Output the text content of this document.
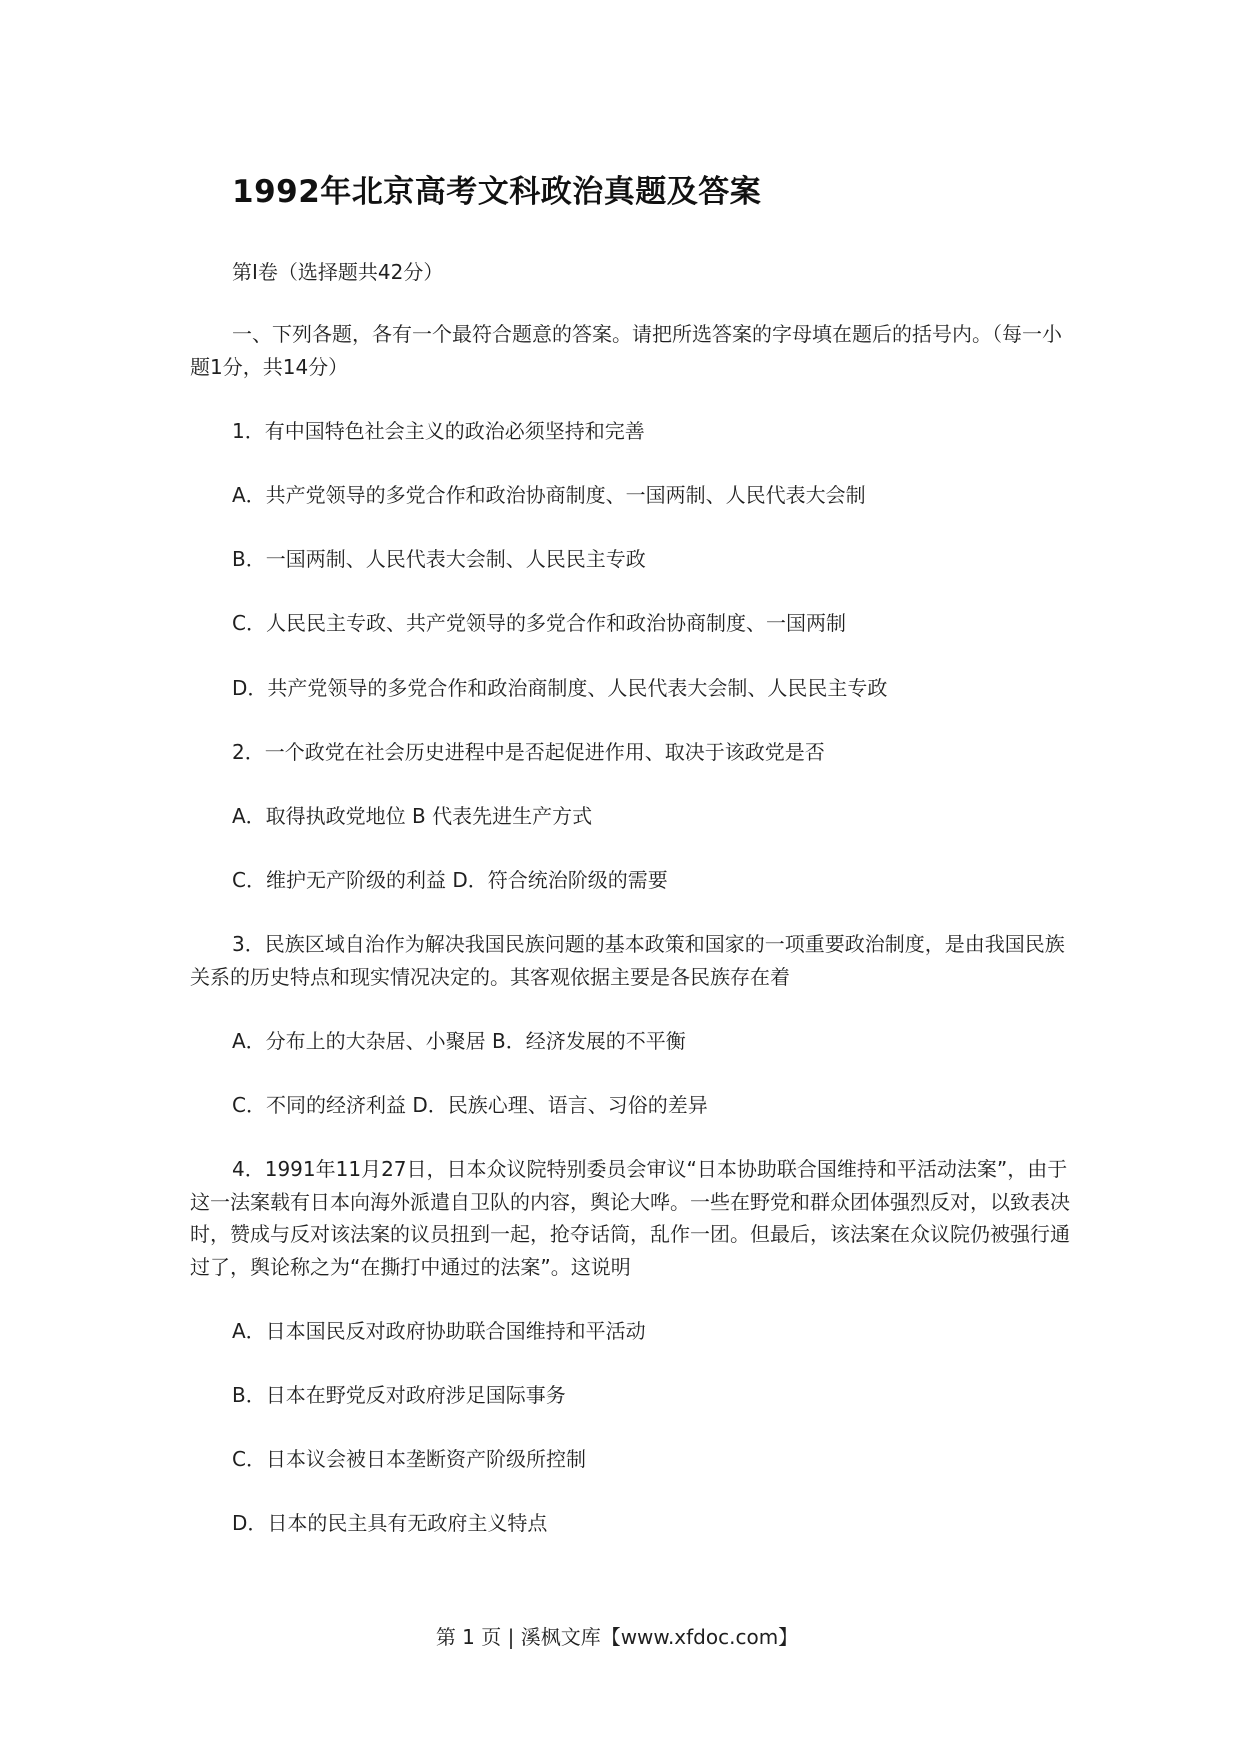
1992年北京高考文科政治真题及答案
第Ⅰ卷（选择题共42分）
一、下列各题，各有一个最符合题意的答案。请把所选答案的字母填在题后的括号内。（每一小题1分，共14分）
1．有中国特色社会主义的政治必须坚持和完善
A．共产党领导的多党合作和政治协商制度、一国两制、人民代表大会制
B．一国两制、人民代表大会制、人民民主专政
C．人民民主专政、共产党领导的多党合作和政治协商制度、一国两制
D．共产党领导的多党合作和政治商制度、人民代表大会制、人民民主专政
2．一个政党在社会历史进程中是否起促进作用、取决于该政党是否
A．取得执政党地位 B 代表先进生产方式
C．维护无产阶级的利益 D．符合统治阶级的需要
3．民族区域自治作为解决我国民族问题的基本政策和国家的一项重要政治制度，是由我国民族关系的历史特点和现实情况决定的。其客观依据主要是各民族存在着
A．分布上的大杂居、小聚居 B．经济发展的不平衡
C．不同的经济利益 D．民族心理、语言、习俗的差异
4．1991年11月27日，日本众议院特别委员会审议“日本协助联合国维持和平活动法案”，由于这一法案载有日本向海外派遣自卫队的内容，舆论大哗。一些在野党和群众团体强烈反对，以致表决时，赞成与反对该法案的议员扭到一起，抢夺话筒，乱作一团。但最后，该法案在众议院仍被强行通过了，舆论称之为“在撕打中通过的法案”。这说明
A．日本国民反对政府协助联合国维持和平活动
B．日本在野党反对政府涉足国际事务
C．日本议会被日本垄断资产阶级所控制
D．日本的民主具有无政府主义特点
第 1 页 | 溪枫文库【www.xfdoc.com】
